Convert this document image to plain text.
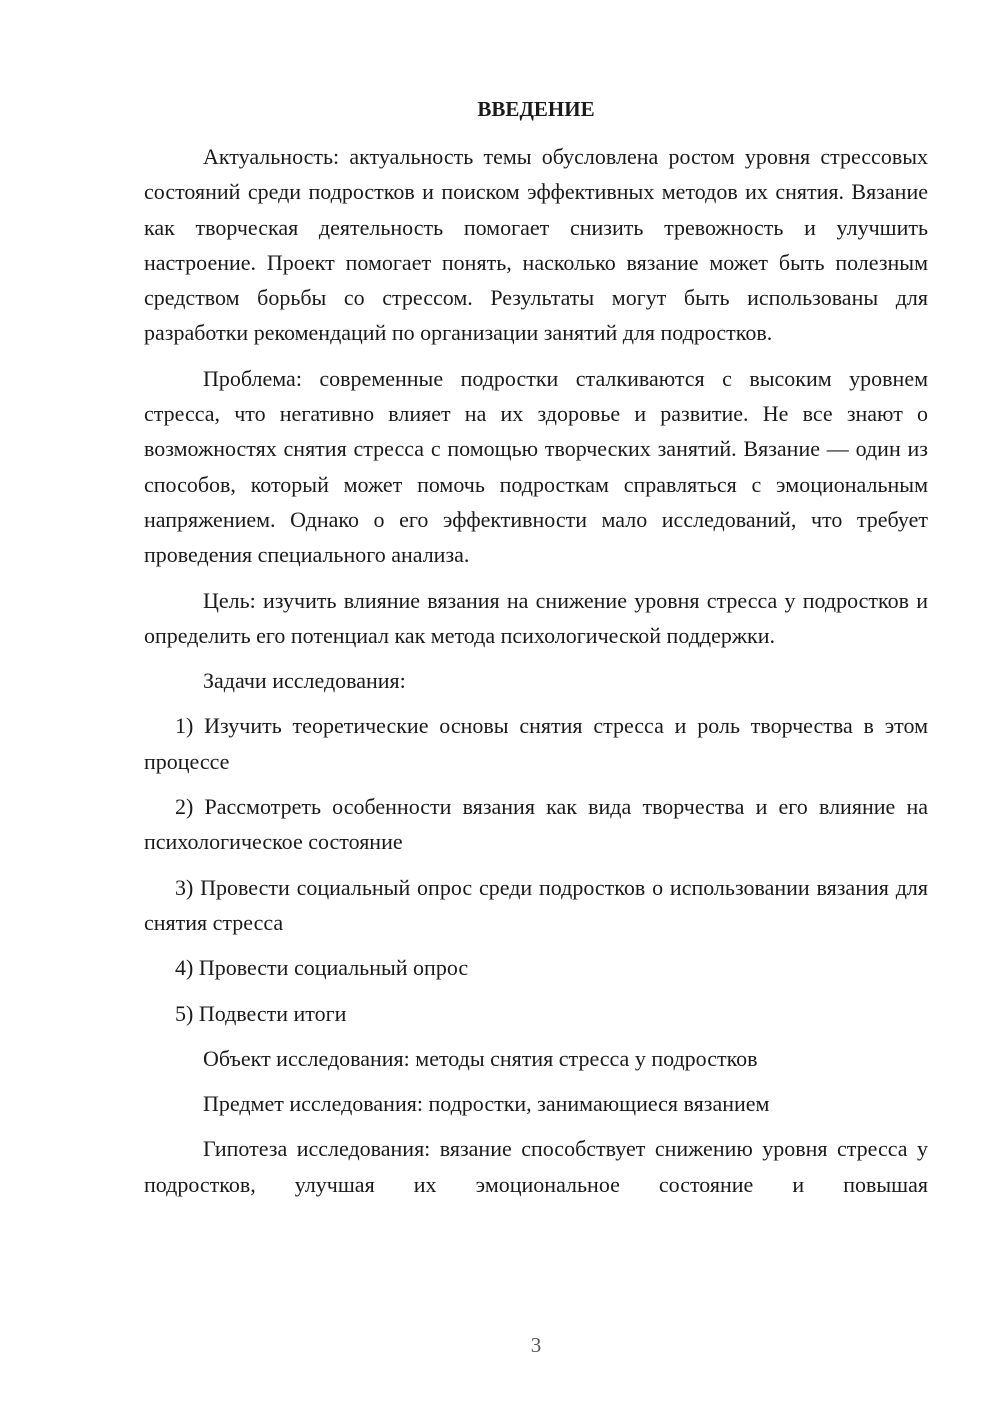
ВВЕДЕНИЕ

Актуальность: актуальность темы обусловлена ростом уровня стрессовых состояний среди подростков и поиском эффективных методов их снятия. Вязание как творческая деятельность помогает снизить тревожность и улучшить настроение. Проект помогает понять, насколько вязание может быть полезным средством борьбы со стрессом. Результаты могут быть использованы для разработки рекомендаций по организации занятий для подростков.

Проблема: современные подростки сталкиваются с высоким уровнем стресса, что негативно влияет на их здоровье и развитие. Не все знают о возможностях снятия стресса с помощью творческих занятий. Вязание — один из способов, который может помочь подросткам справляться с эмоциональным напряжением. Однако о его эффективности мало исследований, что требует проведения специального анализа.

Цель: изучить влияние вязания на снижение уровня стресса у подростков и определить его потенциал как метода психологической поддержки.

Задачи исследования:

1) Изучить теоретические основы снятия стресса и роль творчества в этом процессе

2) Рассмотреть особенности вязания как вида творчества и его влияние на психологическое состояние

3) Провести социальный опрос среди подростков о использовании вязания для снятия стресса

4) Провести социальный опрос

5) Подвести итоги

Объект исследования: методы снятия стресса у подростков

Предмет исследования: подростки, занимающиеся вязанием

Гипотеза исследования: вязание способствует снижению уровня стресса у подростков, улучшая их эмоциональное состояние и повышая

3
